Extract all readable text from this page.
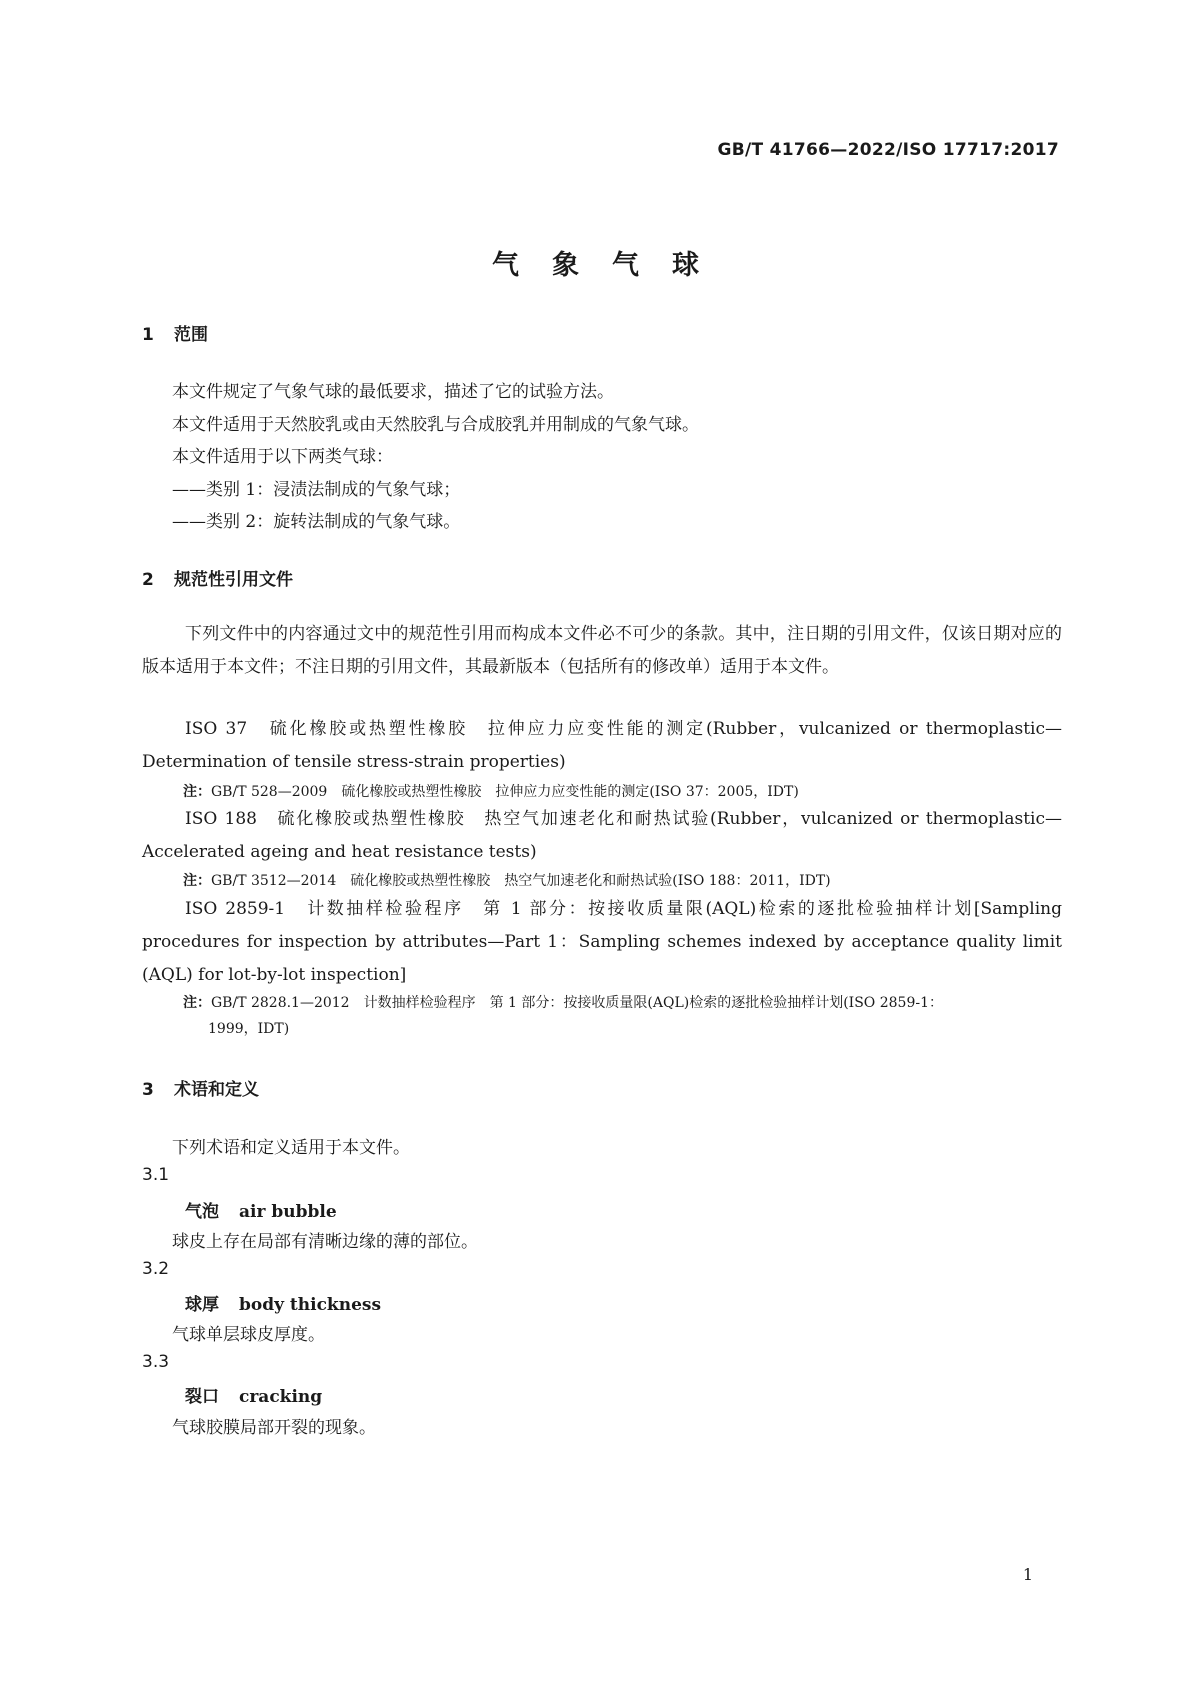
GB/T 41766—2022/ISO 17717:2017
气象气球
1 范围
本文件规定了气象气球的最低要求，描述了它的试验方法。
本文件适用于天然胶乳或由天然胶乳与合成胶乳并用制成的气象气球。
本文件适用于以下两类气球：
——类别 1：浸渍法制成的气象气球；
——类别 2：旋转法制成的气象气球。
2 规范性引用文件

下列文件中的内容通过文中的规范性引用而构成本文件必不可少的条款。其中，注日期的引用文件，仅该日期对应的版本适用于本文件；不注日期的引用文件，其最新版本（包括所有的修改单）适用于本文件。

ISO 37　硫化橡胶或热塑性橡胶　拉伸应力应变性能的测定(Rubber，vulcanized or thermoplastic—Determination of tensile stress-strain properties)

注：GB/T 528—2009　硫化橡胶或热塑性橡胶　拉伸应力应变性能的测定(ISO 37：2005，IDT)

ISO 188　硫化橡胶或热塑性橡胶　热空气加速老化和耐热试验(Rubber，vulcanized or thermoplastic—Accelerated ageing and heat resistance tests)

注：GB/T 3512—2014　硫化橡胶或热塑性橡胶　热空气加速老化和耐热试验(ISO 188：2011，IDT)

ISO 2859-1　计数抽样检验程序　第 1 部分：按接收质量限(AQL)检索的逐批检验抽样计划[Sampling procedures for inspection by attributes—Part 1：Sampling schemes indexed by acceptance quality limit (AQL) for lot-by-lot inspection]

注：GB/T 2828.1—2012　计数抽样检验程序　第 1 部分：按接收质量限(AQL)检索的逐批检验抽样计划(ISO 2859-1：
1999，IDT)
3 术语和定义
下列术语和定义适用于本文件。
3.1
气泡 air bubble
球皮上存在局部有清晰边缘的薄的部位。
3.2
球厚 body thickness
气球单层球皮厚度。
3.3
裂口 cracking
气球胶膜局部开裂的现象。
1
